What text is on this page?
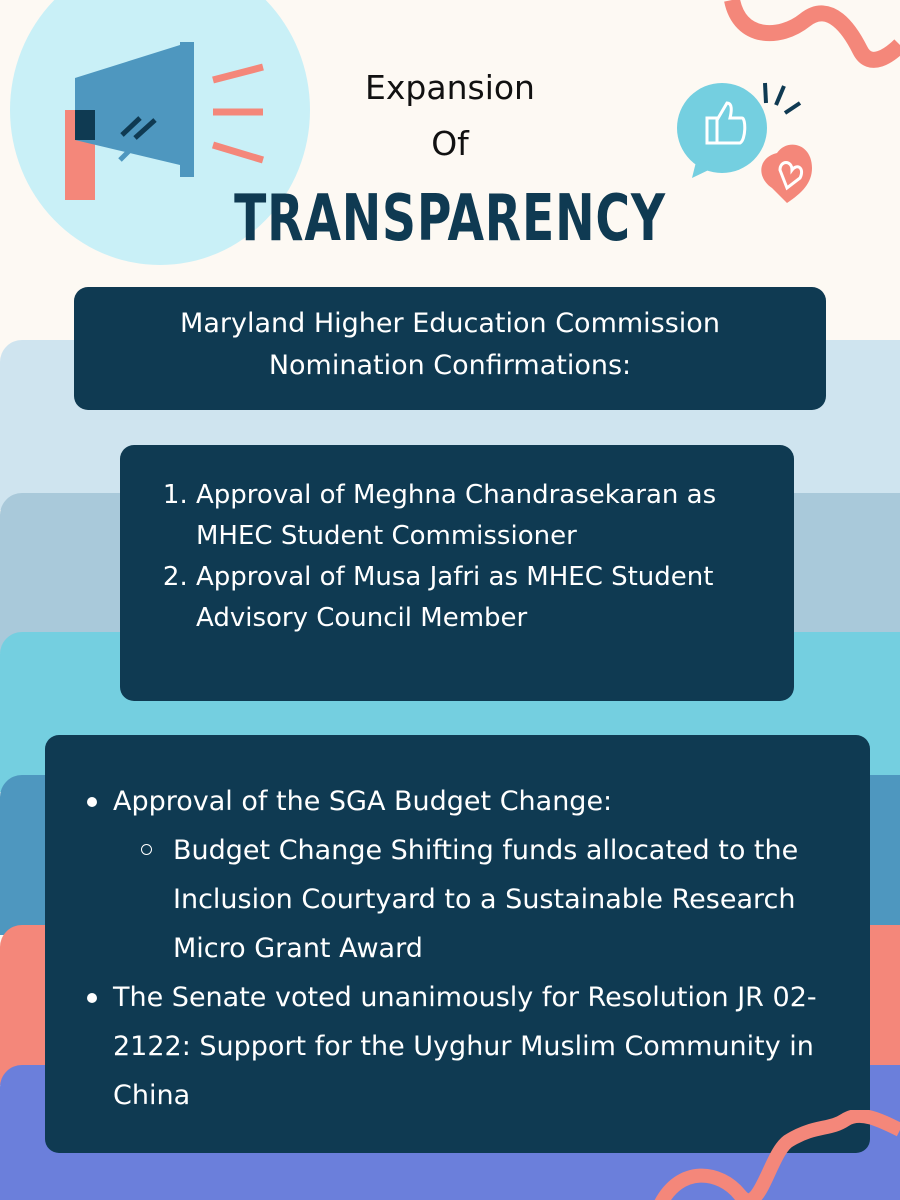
Expansion
Of
TRANSPARENCY
Maryland Higher Education Commission
Nomination Confirmations:
1. Approval of Meghna Chandrasekaran as MHEC Student Commissioner
2. Approval of Musa Jafri as MHEC Student Advisory Council Member
Approval of the SGA Budget Change:
Budget Change Shifting funds allocated to the Inclusion Courtyard to a Sustainable Research Micro Grant Award
The Senate voted unanimously for Resolution JR 02-2122: Support for the Uyghur Muslim Community in China
